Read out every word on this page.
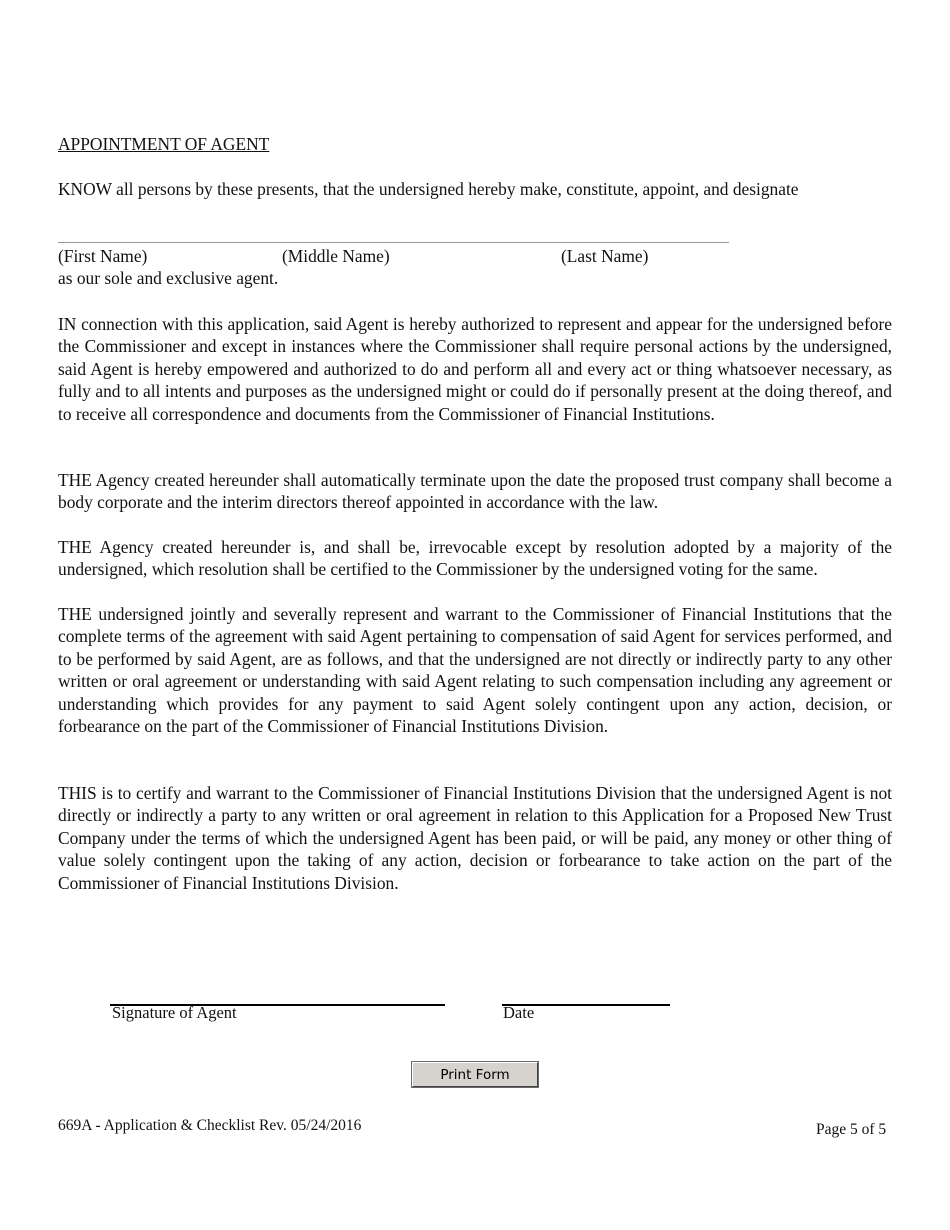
APPOINTMENT OF AGENT
KNOW all persons by these presents, that the undersigned hereby make, constitute, appoint, and designate
(First Name)	(Middle Name)	(Last Name)
as our sole and exclusive agent.

IN connection with this application, said Agent is hereby authorized to represent and appear for the undersigned before the Commissioner and except in instances where the Commissioner shall require personal actions by the undersigned, said Agent is hereby empowered and authorized to do and perform all and every act or thing whatsoever necessary, as fully and to all intents and purposes as the undersigned might or could do if personally present at the doing thereof, and to receive all correspondence and documents from the Commissioner of Financial Institutions.

THE Agency created hereunder shall automatically terminate upon the date the proposed trust company shall become a body corporate and the interim directors thereof appointed in accordance with the law.

THE Agency created hereunder is, and shall be, irrevocable except by resolution adopted by a majority of the undersigned, which resolution shall be certified to the Commissioner by the undersigned voting for the same.

THE undersigned jointly and severally represent and warrant to the Commissioner of Financial Institutions that the complete terms of the agreement with said Agent pertaining to compensation of said Agent for services performed, and to be performed by said Agent, are as follows, and that the undersigned are not directly or indirectly party to any other written or oral agreement or understanding with said Agent relating to such compensation including any agreement or understanding which provides for any payment to said Agent solely contingent upon any action, decision, or forbearance on the part of the Commissioner of Financial Institutions Division.

THIS is to certify and warrant to the Commissioner of Financial Institutions Division that the undersigned Agent is not directly or indirectly a party to any written or oral agreement in relation to this Application for a Proposed New Trust Company under the terms of which the undersigned Agent has been paid, or will be paid, any money or other thing of value solely contingent upon the taking of any action, decision or forbearance to take action on the part of the Commissioner of Financial Institutions Division.

Signature of Agent	Date
Print Form
669A - Application & Checklist Rev. 05/24/2016	Page 5 of 5
